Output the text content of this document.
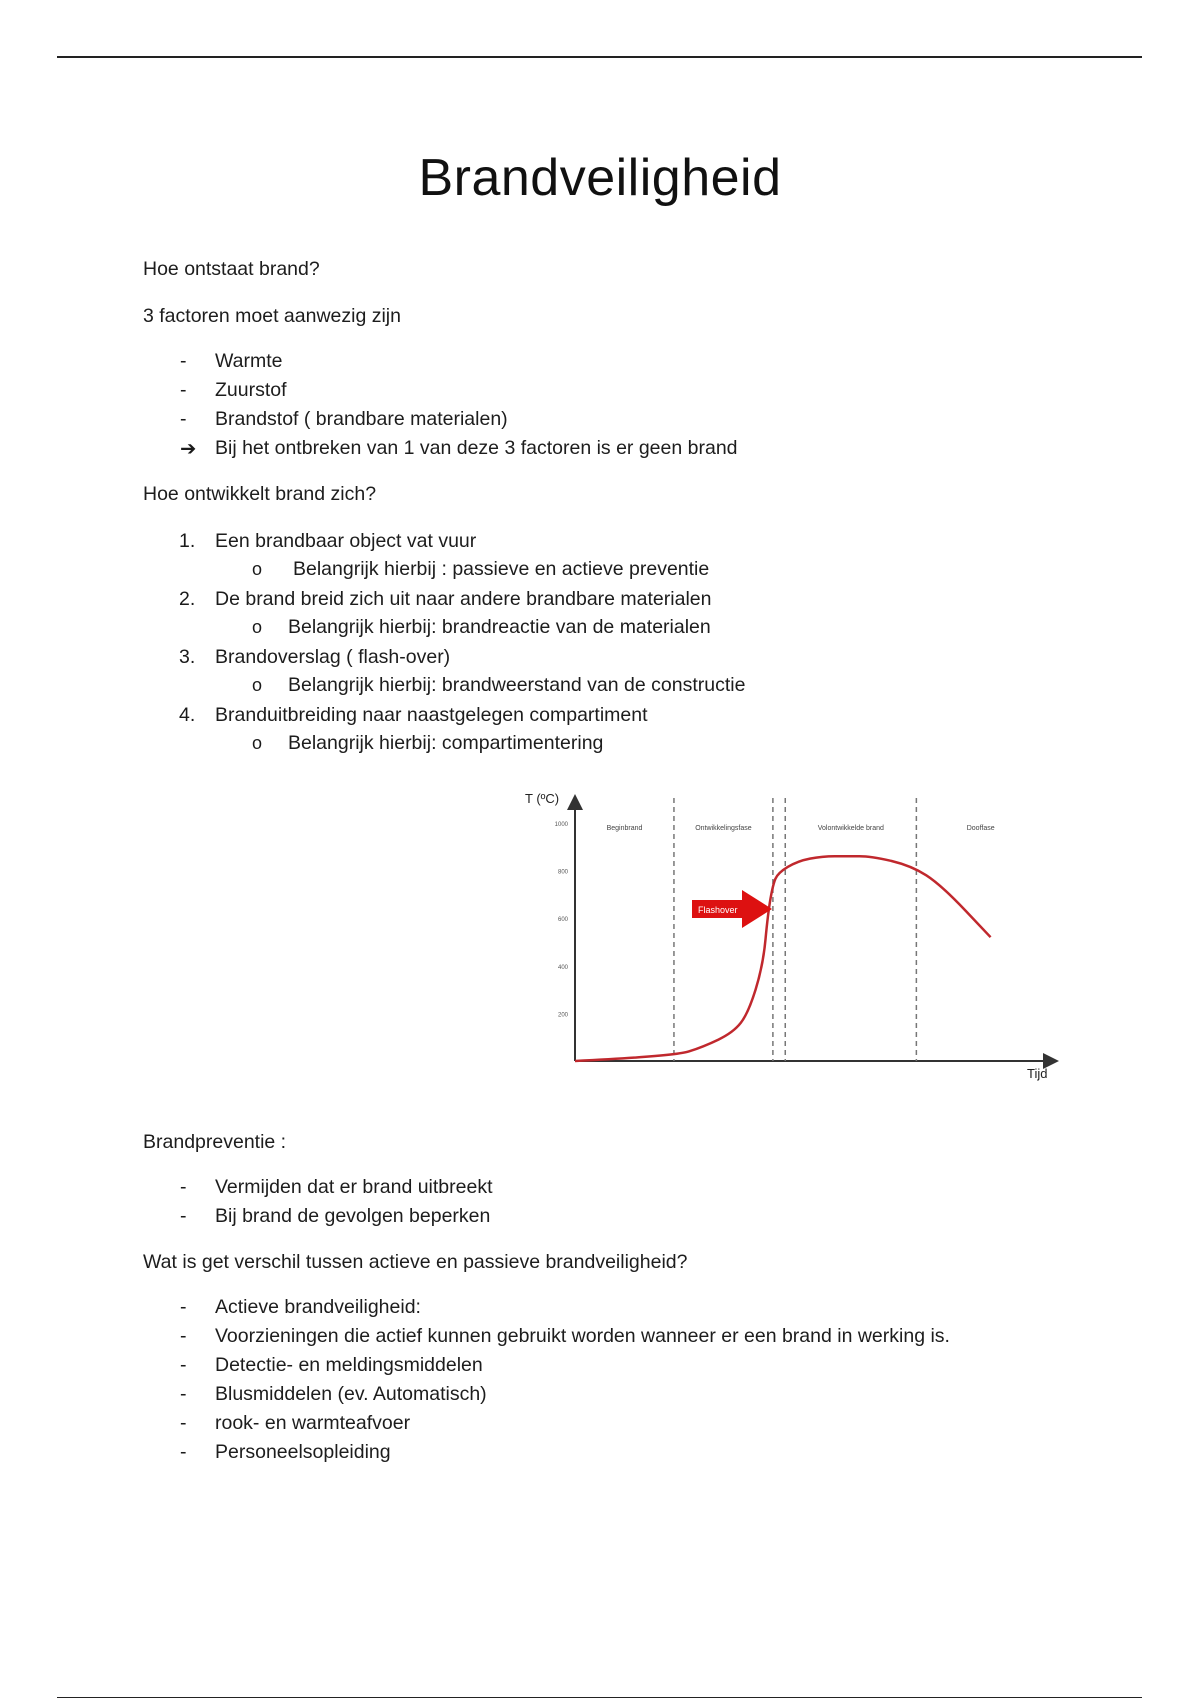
Brandveiligheid
Hoe ontstaat brand?
3 factoren moet aanwezig zijn
- Warmte
- Zuurstof
- Brandstof ( brandbare materialen)
➔ Bij het ontbreken van 1 van deze 3 factoren is er geen brand
Hoe ontwikkelt brand zich?
1. Een brandbaar object vat vuur
o Belangrijk hierbij : passieve en actieve preventie
2. De brand breid zich uit naar andere brandbare materialen
o Belangrijk hierbij: brandreactie van de materialen
3. Brandoverslag ( flash-over)
o Belangrijk hierbij: brandweerstand van de constructie
4. Branduitbreiding naar naastgelegen compartiment
o Belangrijk hierbij: compartimentering
T (ºC)
Tijd
1000
800
600
400
200
Beginbrand	Ontwikkelingsfase	Volontwikkelde brand	Dooffase
Flashover
Brandpreventie :
- Vermijden dat er brand uitbreekt
- Bij brand de gevolgen beperken
Wat is get verschil tussen actieve en passieve brandveiligheid?
- Actieve brandveiligheid:
- Voorzieningen die actief kunnen gebruikt worden wanneer er een brand in werking is.
- Detectie- en meldingsmiddelen
- Blusmiddelen (ev. Automatisch)
- rook- en warmteafvoer
- Personeelsopleiding
